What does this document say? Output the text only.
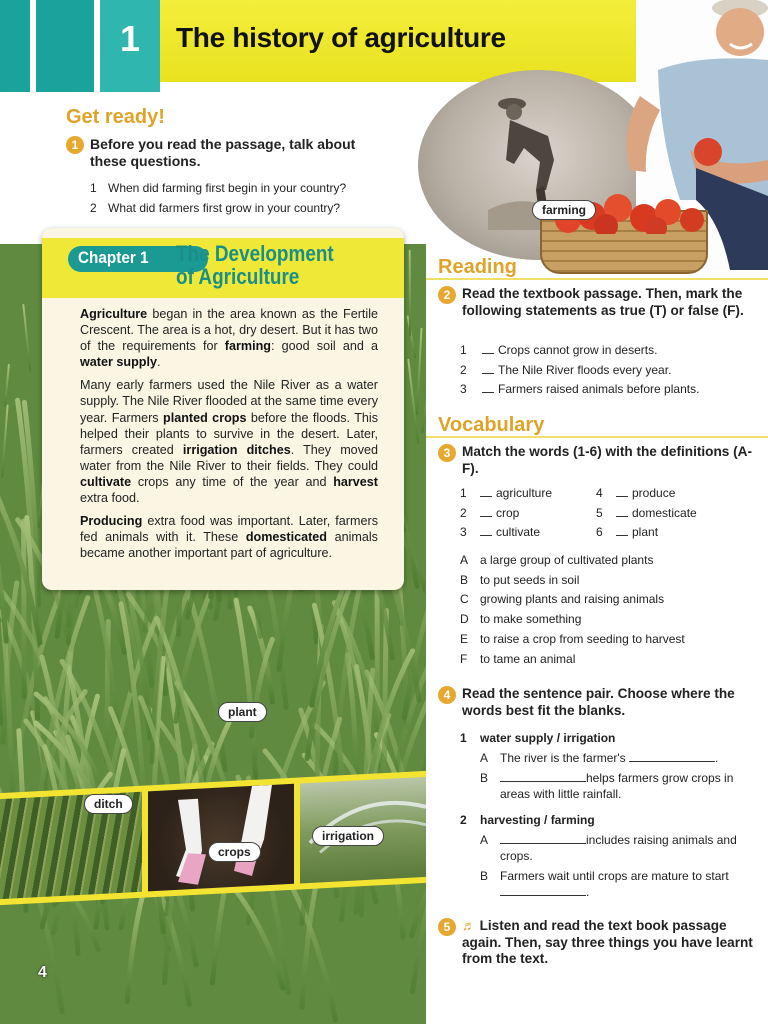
1	The history of agriculture
farming
Get ready!
1 Before you read the passage, talk about these questions.
1 When did farming first begin in your country?
2 What did farmers first grow in your country?
Chapter 1 The Development
of Agriculture

Agriculture began in the area known as the Fertile Crescent. The area is a hot, dry desert. But it has two of the requirements for farming: good soil and a water supply.

Many early farmers used the Nile River as a water supply. The Nile River flooded at the same time every year. Farmers planted crops before the floods. This helped their plants to survive in the desert. Later, farmers created irrigation ditches. They moved water from the Nile River to their fields. They could cultivate crops any time of the year and harvest extra food.

Producing extra food was important. Later, farmers fed animals with it. These domesticated animals became another important part of agriculture.

plant
ditch
crops
irrigation
4
Reading
2 Read the textbook passage. Then, mark the following statements as true (T) or false (F).
1	Crops cannot grow in deserts.
2	The Nile River floods every year.
3	Farmers raised animals before plants.
Vocabulary
3 Match the words (1-6) with the definitions (A-F).
1 agriculture
2 crop
3 cultivate
4 produce
5 domesticate
6 plant
A a large group of cultivated plants
B to put seeds in soil
C growing plants and raising animals
D to make something
E to raise a crop from seeding to harvest
F to tame an animal
4 Read the sentence pair. Choose where the words best fit the blanks.
1 water supply / irrigation
A The river is the farmer's	.
B	helps farmers grow crops in areas with little rainfall.
2 harvesting / farming
A	includes raising animals and crops.
B Farmers wait until crops are mature to start .
5 ♬ Listen and read the text book passage again. Then, say three things you have learnt from the text.
